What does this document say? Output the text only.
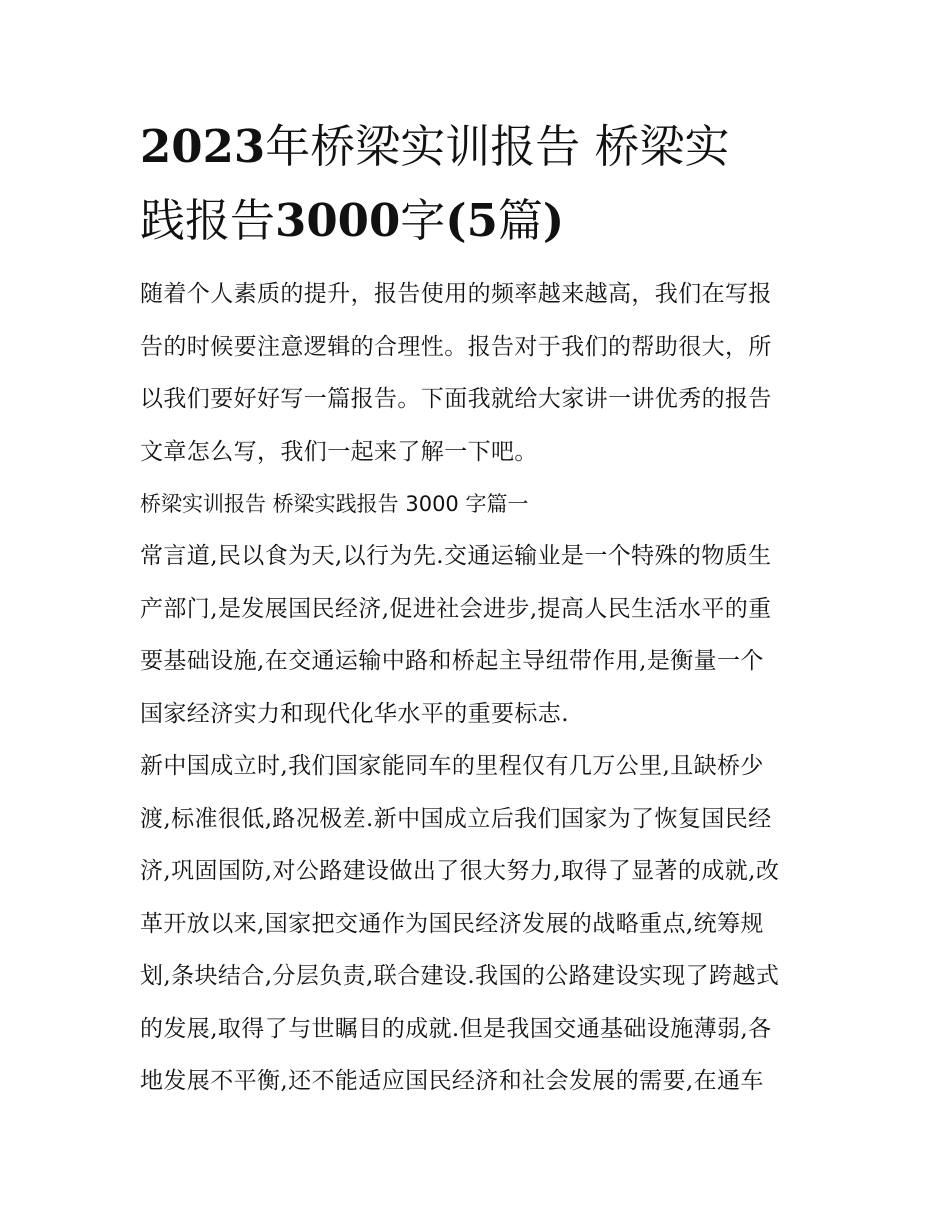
2023年桥梁实训报告 桥梁实
践报告3000字(5篇)

随着个人素质的提升，报告使用的频率越来越高，我们在写报
告的时候要注意逻辑的合理性。报告对于我们的帮助很大，所
以我们要好好写一篇报告。下面我就给大家讲一讲优秀的报告
文章怎么写，我们一起来了解一下吧。

桥梁实训报告 桥梁实践报告 3000 字篇一

常言道,民以食为天,以行为先.交通运输业是一个特殊的物质生
产部门,是发展国民经济,促进社会进步,提高人民生活水平的重
要基础设施,在交通运输中路和桥起主导纽带作用,是衡量一个
国家经济实力和现代化华水平的重要标志.

新中国成立时,我们国家能同车的里程仅有几万公里,且缺桥少
渡,标准很低,路况极差.新中国成立后我们国家为了恢复国民经
济,巩固国防,对公路建设做出了很大努力,取得了显著的成就,改
革开放以来,国家把交通作为国民经济发展的战略重点,统筹规
划,条块结合,分层负责,联合建设.我国的公路建设实现了跨越式
的发展,取得了与世瞩目的成就.但是我国交通基础设施薄弱,各
地发展不平衡,还不能适应国民经济和社会发展的需要,在通车
